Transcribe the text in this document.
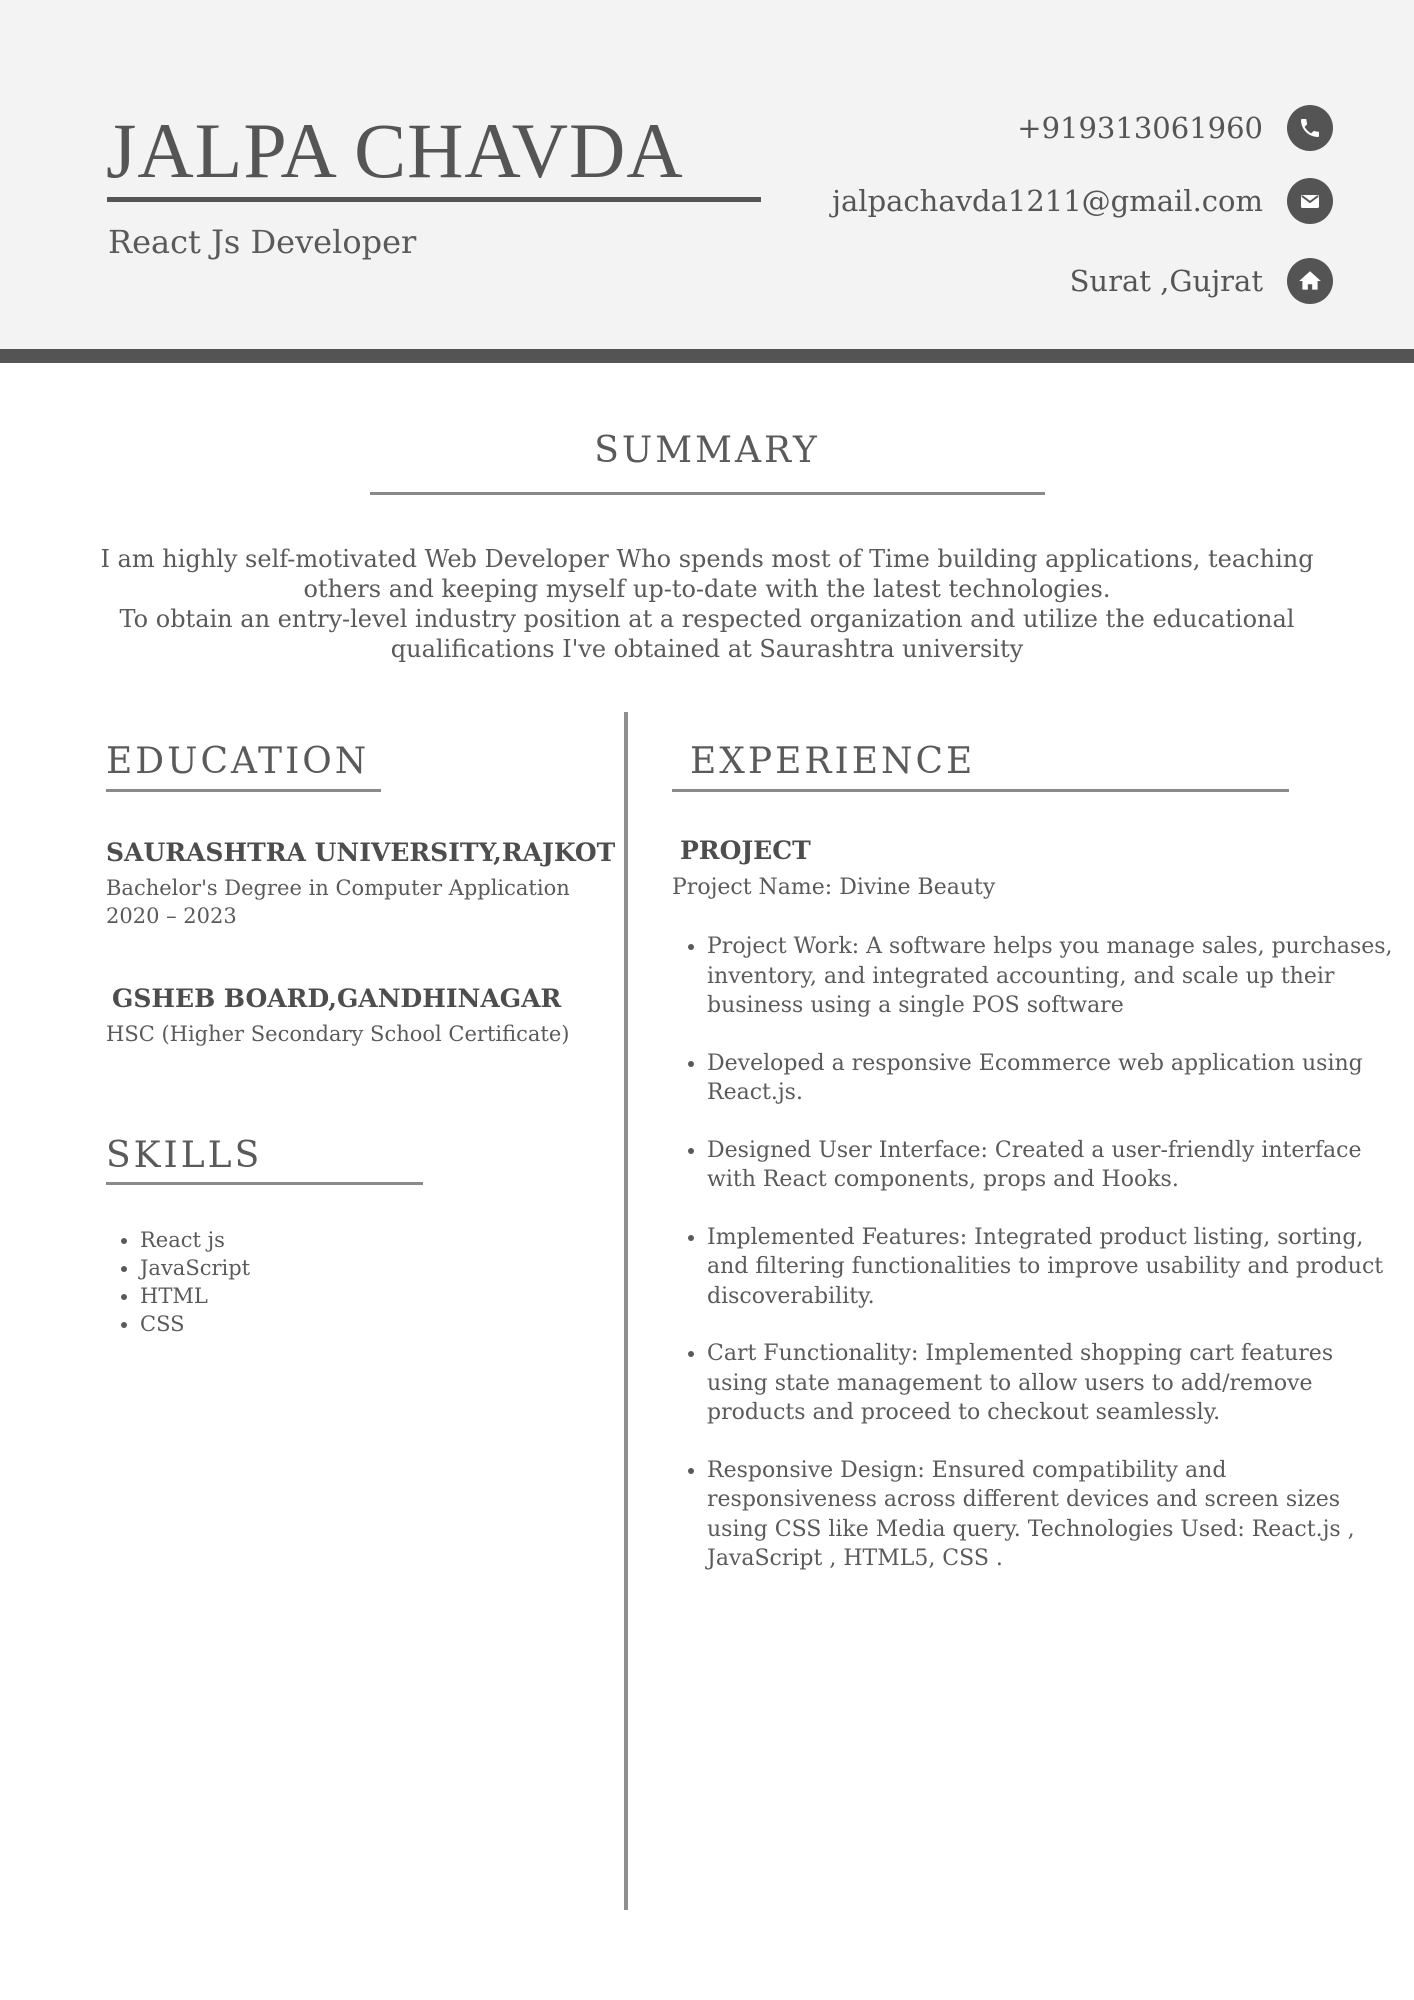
JALPA CHAVDA
React Js Developer
+919313061960
jalpachavda1211@gmail.com
Surat ,Gujrat
SUMMARY

I am highly self-motivated Web Developer Who spends most of Time building applications, teaching others and keeping myself up-to-date with the latest technologies.

To obtain an entry-level industry position at a respected organization and utilize the educational qualifications I've obtained at Saurashtra university

EDUCATION
SAURASHTRA UNIVERSITY,RAJKOT
Bachelor's Degree in Computer Application
2020 – 2023
GSHEB BOARD,GANDHINAGAR
HSC (Higher Secondary School Certificate)
SKILLS
• React js
• JavaScript
• HTML
• CSS
EXPERIENCE
PROJECT
Project Name: Divine Beauty
• Project Work: A software helps you manage sales, purchases, inventory, and integrated accounting, and scale up their business using a single POS software
• Developed a responsive Ecommerce web application using React.js.
• Designed User Interface: Created a user-friendly interface with React components, props and Hooks.
• Implemented Features: Integrated product listing, sorting, and filtering functionalities to improve usability and product discoverability.
• Cart Functionality: Implemented shopping cart features using state management to allow users to add/remove products and proceed to checkout seamlessly.
• Responsive Design: Ensured compatibility and responsiveness across different devices and screen sizes using CSS like Media query. Technologies Used: React.js , JavaScript , HTML5, CSS .
